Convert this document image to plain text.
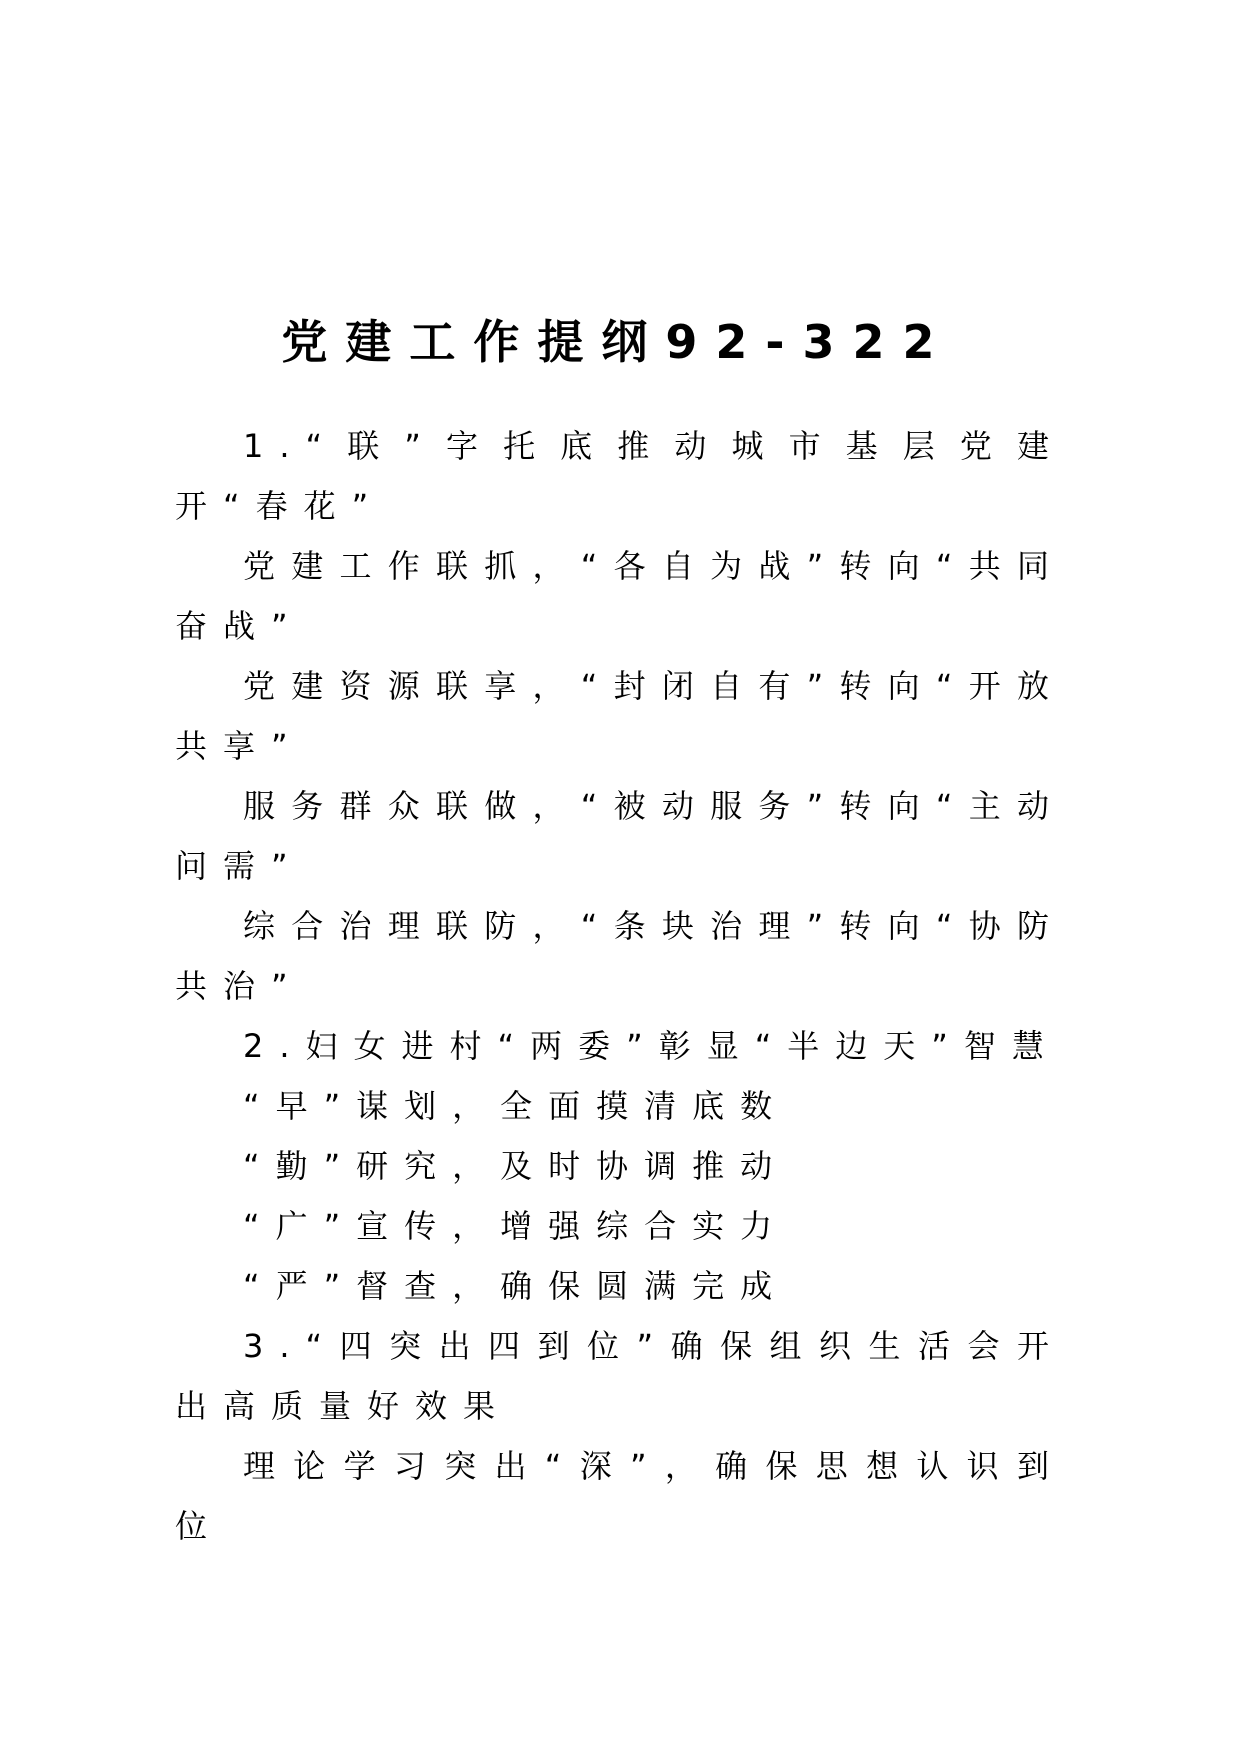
党建工作提纲92-322

1.“联”字托底推动城市基层党建开“春花”

党建工作联抓，“各自为战”转向“共同奋战”

党建资源联享，“封闭自有”转向“开放共享”

服务群众联做，“被动服务”转向“主动问需”

综合治理联防，“条块治理”转向“协防共治”

2.妇女进村“两委”彰显“半边天”智慧

“早”谋划，全面摸清底数

“勤”研究，及时协调推动

“广”宣传，增强综合实力

“严”督查，确保圆满完成

3.“四突出四到位”确保组织生活会开出高质量好效果

理论学习突出“深”，确保思想认识到位
